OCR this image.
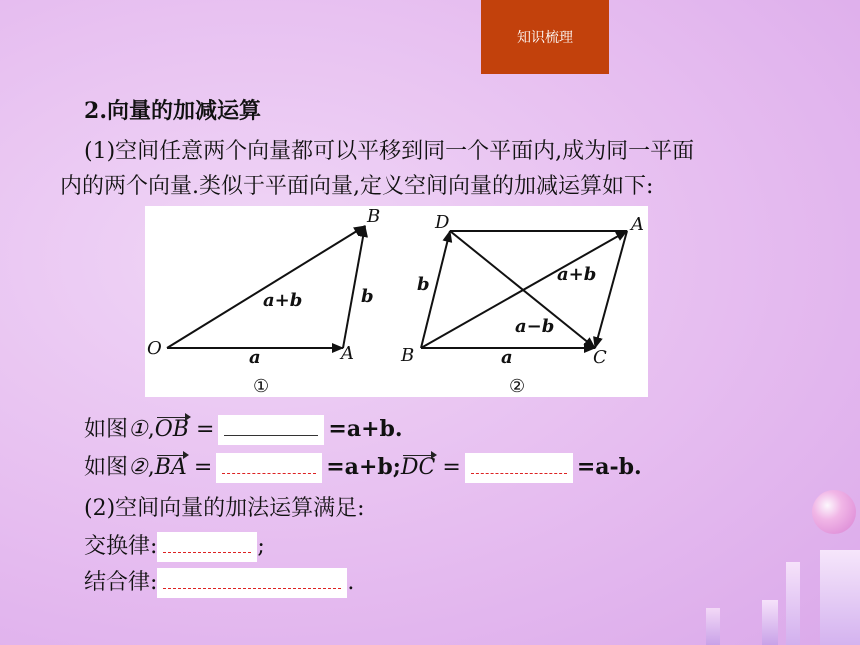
知识梳理
2.向量的加减运算
(1)空间任意两个向量都可以平移到同一个平面内,成为同一平面
内的两个向量.类似于平面向量,定义空间向量的加减运算如下:
O	A
B
a
b
a+b
①
D	A
B	C
a
b	a+b
a−b
②
如图①,OB =	=a+b.
如图②,BA =	=a+b;DC =	=a-b.
(2)空间向量的加法运算满足:
交换律:	;
结合律:	.
